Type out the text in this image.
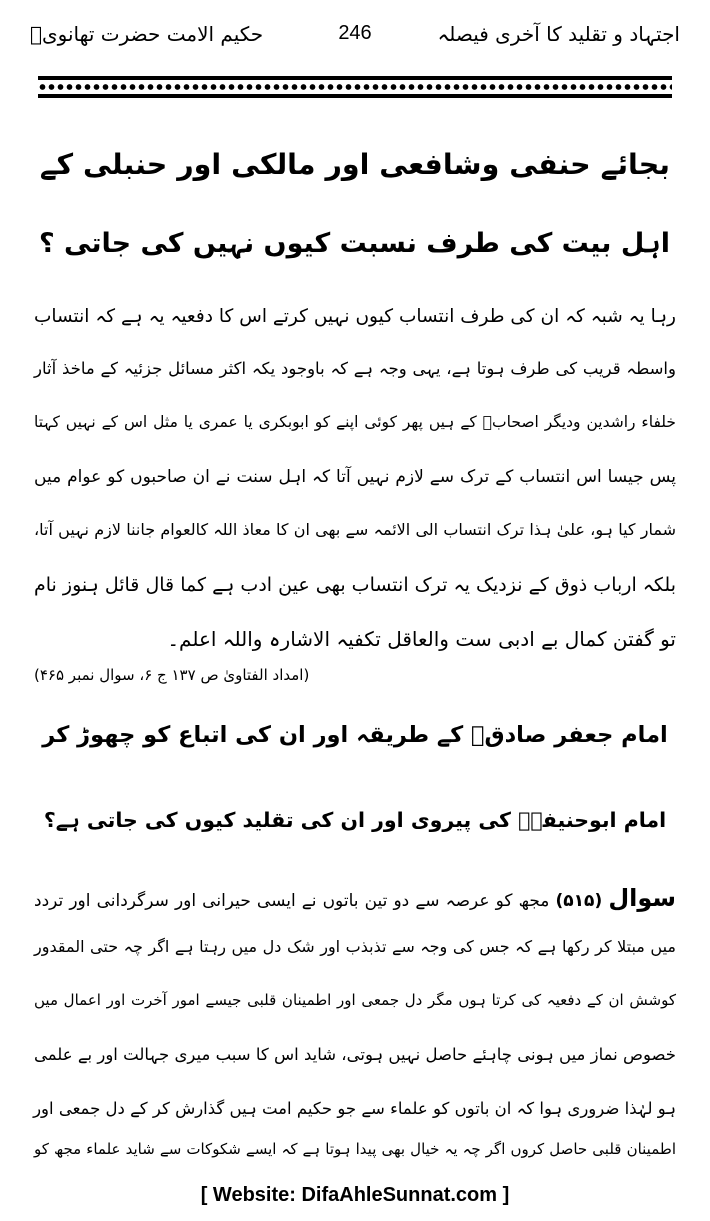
حکیم الامت حضرت تھانویؒ	246	اجتہاد و تقلید کا آخری فیصلہ
بجائے حنفی وشافعی اور مالکی اور حنبلی کے
اہل بیت کی طرف نسبت کیوں نہیں کی جاتی ؟
رہا یہ شبہ کہ ان کی طرف انتساب کیوں نہیں کرتے اس کا دفعیہ یہ ہے کہ انتساب
واسطہ قریب کی طرف ہوتا ہے، یہی وجہ ہے کہ باوجود یکہ اکثر مسائل جزئیہ کے ماخذ آثار
خلفاء راشدین ودیگر اصحابؓ کے ہیں پھر کوئی اپنے کو ابوبکری یا عمری یا مثل اس کے نہیں کہتا
پس جیسا اس انتساب کے ترک سے لازم نہیں آتا کہ اہل سنت نے ان صاحبوں کو عوام میں
شمار کیا ہو، علیٰ ہذا ترک انتساب الی الائمہ سے بھی ان کا معاذ اللہ کالعوام جاننا لازم نہیں آتا،
بلکہ ارباب ذوق کے نزدیک یہ ترک انتساب بھی عین ادب ہے کما قال قائل ہنوز نام
تو گفتن کمال بے ادبی ست والعاقل تکفیہ الاشارہ واللہ اعلم۔
(امداد الفتاویٰ ص ۱۳۷ ج ۶، سوال نمبر ۴۶۵)
امام جعفر صادقؒ کے طریقہ اور ان کی اتباع کو چھوڑ کر
امام ابوحنیفہؒ کی پیروی اور ان کی تقلید کیوں کی جاتی ہے؟
سوال (۵۱۵) مجھ کو عرصہ سے دو تین باتوں نے ایسی حیرانی اور سرگردانی اور تردد
میں مبتلا کر رکھا ہے کہ جس کی وجہ سے تذبذب اور شک دل میں رہتا ہے اگر چہ حتی المقدور
کوشش ان کے دفعیہ کی کرتا ہوں مگر دل جمعی اور اطمینان قلبی جیسے امور آخرت اور اعمال میں
خصوص نماز میں ہونی چاہئے حاصل نہیں ہوتی، شاید اس کا سبب میری جہالت اور بے علمی
ہو لہٰذا ضروری ہوا کہ ان باتوں کو علماء سے جو حکیم امت ہیں گذارش کر کے دل جمعی اور
اطمینان قلبی حاصل کروں اگر چہ یہ خیال بھی پیدا ہوتا ہے کہ ایسے شکوکات سے شاید علماء مجھ کو
[ Website: DifaAhleSunnat.com ]
